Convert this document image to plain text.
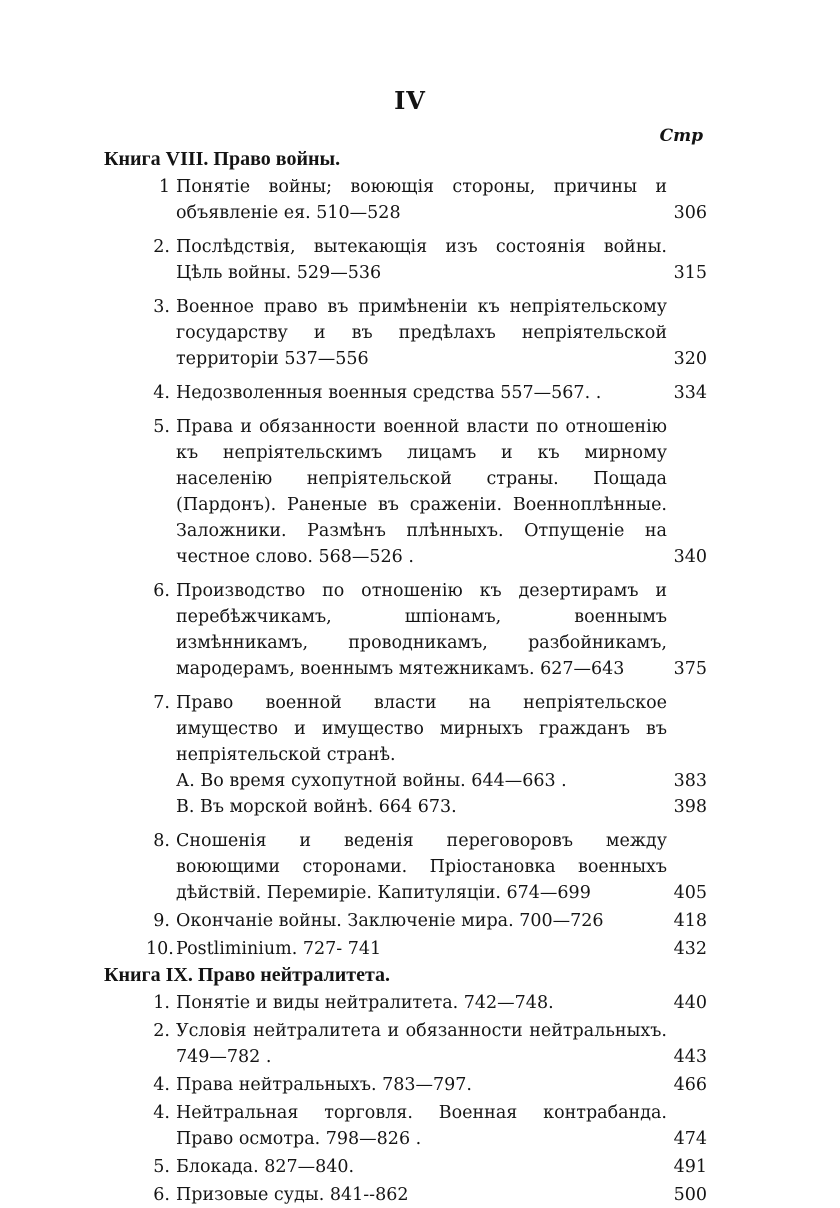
IV
Стр

Книга VIII. Право войны.

1 Понятіе войны; воюющія стороны, причины и объявленіе ея. 510—528	306
2. Послѣдствія, вытекающія изъ состоянія войны. Цѣль войны. 529—536	315
3. Военное право въ примѣненіи къ непріятельскому государству и въ предѣлахъ непріятельской территоріи 537—556	320
4. Недозволенныя военныя средства 557—567. .	334
5. Права и обязанности военной власти по отношенію къ непріятельскимъ лицамъ и къ мирному населенію непріятельской страны. Пощада (Пардонъ). Раненые въ сраженіи. Военноплѣнные. Заложники. Размѣнъ плѣнныхъ. Отпущеніе на честное слово. 568—526 .	340
6. Производство по отношенію къ дезертирамъ и перебѣжчикамъ, шпіонамъ, военнымъ измѣнникамъ, проводникамъ, разбойникамъ, мародерамъ, военнымъ мятежникамъ. 627—643	375
7. Право военной власти на непріятельское имущество и имущество мирныхъ гражданъ въ непріятельской странѣ.
А. Во время сухопутной войны. 644—663 .	383
В. Въ морской войнѣ. 664 673.	398
8. Сношенія и веденія переговоровъ между воюющими сторонами. Пріостановка военныхъ дѣйствій. Перемиріе. Капитуляціи. 674—699	405
9. Окончаніе войны. Заключеніе мира. 700—726	418
10. Postliminium. 727- 741	432

Книга IX. Право нейтралитета.

1. Понятіе и виды нейтралитета. 742—748.	440
2. Условія нейтралитета и обязанности нейтральныхъ. 749—782 .	443
4. Права нейтральныхъ. 783—797.	466
4. Нейтральная торговля. Военная контрабанда. Право осмотра. 798—826 .	474
5. Блокада. 827—840.	491
6. Призовые суды. 841--862	500
